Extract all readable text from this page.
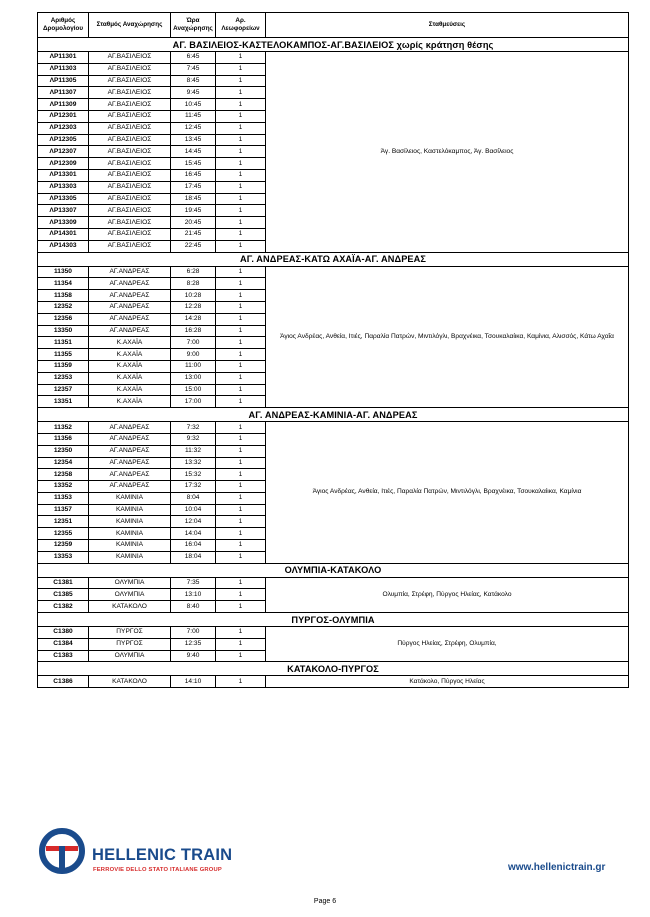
Αριθμός Δρομολογίου	Σταθμός Αναχώρησης	Ώρα Αναχώρησης	Αρ. Λεωφορείων	Σταθμεύσεις
ΑΓ. ΒΑΣΙΛΕΙΟΣ-ΚΑΣΤΕΛΟΚΑΜΠΟΣ-ΑΓ.ΒΑΣΙΛΕΙΟΣ χωρίς κράτηση θέσης				
ΛΡ11301	ΑΓ.ΒΑΣΙΛΕΙΟΣ	6:45	1	Άγ. Βασίλειος, Καστελόκαμπος, Άγ. Βασίλειος
ΛΡ11303	ΑΓ.ΒΑΣΙΛΕΙΟΣ	7:45	1	
ΛΡ11305	ΑΓ.ΒΑΣΙΛΕΙΟΣ	8:45	1	
ΛΡ11307	ΑΓ.ΒΑΣΙΛΕΙΟΣ	9:45	1	
ΛΡ11309	ΑΓ.ΒΑΣΙΛΕΙΟΣ	10:45	1	
ΛΡ12301	ΑΓ.ΒΑΣΙΛΕΙΟΣ	11:45	1	
ΛΡ12303	ΑΓ.ΒΑΣΙΛΕΙΟΣ	12:45	1	
ΛΡ12305	ΑΓ.ΒΑΣΙΛΕΙΟΣ	13:45	1	
ΛΡ12307	ΑΓ.ΒΑΣΙΛΕΙΟΣ	14:45	1	
ΛΡ12309	ΑΓ.ΒΑΣΙΛΕΙΟΣ	15:45	1	
ΛΡ13301	ΑΓ.ΒΑΣΙΛΕΙΟΣ	16:45	1	
ΛΡ13303	ΑΓ.ΒΑΣΙΛΕΙΟΣ	17:45	1	
ΛΡ13305	ΑΓ.ΒΑΣΙΛΕΙΟΣ	18:45	1	
ΛΡ13307	ΑΓ.ΒΑΣΙΛΕΙΟΣ	19:45	1	
ΛΡ13309	ΑΓ.ΒΑΣΙΛΕΙΟΣ	20:45	1	
ΛΡ14301	ΑΓ.ΒΑΣΙΛΕΙΟΣ	21:45	1	
ΛΡ14303	ΑΓ.ΒΑΣΙΛΕΙΟΣ	22:45	1	
ΑΓ. ΑΝΔΡΕΑΣ-ΚΑΤΩ ΑΧΑΪΑ-ΑΓ. ΑΝΔΡΕΑΣ				
11350	ΑΓ.ΑΝΔΡΕΑΣ	6:28	1	Άγιος Ανδρέας, Ανθεία, Ιτιές, Παραλία Πατρών, Μιντιλόγλι, Βραχνέικα, Τσουκαλαίικα, Καμίνια, Αλισσός, Κάτω Αχαΐα
11354	ΑΓ.ΑΝΔΡΕΑΣ	8:28	1	
11358	ΑΓ.ΑΝΔΡΕΑΣ	10:28	1	
12352	ΑΓ.ΑΝΔΡΕΑΣ	12:28	1	
12356	ΑΓ.ΑΝΔΡΕΑΣ	14:28	1	
13350	ΑΓ.ΑΝΔΡΕΑΣ	16:28	1	
11351	Κ.ΑΧΑΪΑ	7:00	1	
11355	Κ.ΑΧΑΪΑ	9:00	1	
11359	Κ.ΑΧΑΪΑ	11:00	1	
12353	Κ.ΑΧΑΪΑ	13:00	1	
12357	Κ.ΑΧΑΪΑ	15:00	1	
13351	Κ.ΑΧΑΪΑ	17:00	1	
ΑΓ. ΑΝΔΡΕΑΣ-ΚΑΜΙΝΙΑ-ΑΓ. ΑΝΔΡΕΑΣ				
11352	ΑΓ.ΑΝΔΡΕΑΣ	7:32	1	Άγιος Ανδρέας, Ανθεία, Ιτιές, Παραλία Πατρών, Μιντιλόγλι, Βραχνέικα, Τσουκαλαίικα, Καμίνια
11356	ΑΓ.ΑΝΔΡΕΑΣ	9:32	1	
12350	ΑΓ.ΑΝΔΡΕΑΣ	11:32	1	
12354	ΑΓ.ΑΝΔΡΕΑΣ	13:32	1	
12358	ΑΓ.ΑΝΔΡΕΑΣ	15:32	1	
13352	ΑΓ.ΑΝΔΡΕΑΣ	17:32	1	
11353	ΚΑΜΙΝΙΑ	8:04	1	
11357	ΚΑΜΙΝΙΑ	10:04	1	
12351	ΚΑΜΙΝΙΑ	12:04	1	
12355	ΚΑΜΙΝΙΑ	14:04	1	
12359	ΚΑΜΙΝΙΑ	16:04	1	
13353	ΚΑΜΙΝΙΑ	18:04	1	
ΟΛΥΜΠΙΑ-ΚΑΤΑΚΟΛΟ				
C1381	ΟΛΥΜΠΙΑ	7:35	1	Ολυμπία, Στρέφη, Πύργος Ηλείας, Κατάκολο
C1385	ΟΛΥΜΠΙΑ	13:10	1	
C1382	ΚΑΤΑΚΟΛΟ	8:40	1	
ΠΥΡΓΟΣ-ΟΛΥΜΠΙΑ				
C1380	ΠΥΡΓΟΣ	7:00	1	Πύργος Ηλείας, Στρέφη, Ολυμπία,
C1384	ΠΥΡΓΟΣ	12:35	1	
C1383	ΟΛΥΜΠΙΑ	9:40	1	
ΚΑΤΑΚΟΛΟ-ΠΥΡΓΟΣ				
C1386	ΚΑΤΑΚΟΛΟ	14:10	1	Κατάκολο, Πύργος Ηλείας
HELLENIC TRAIN
FERROVIE DELLO STATO ITALIANE GROUP	www.hellenictrain.gr
Page 6
